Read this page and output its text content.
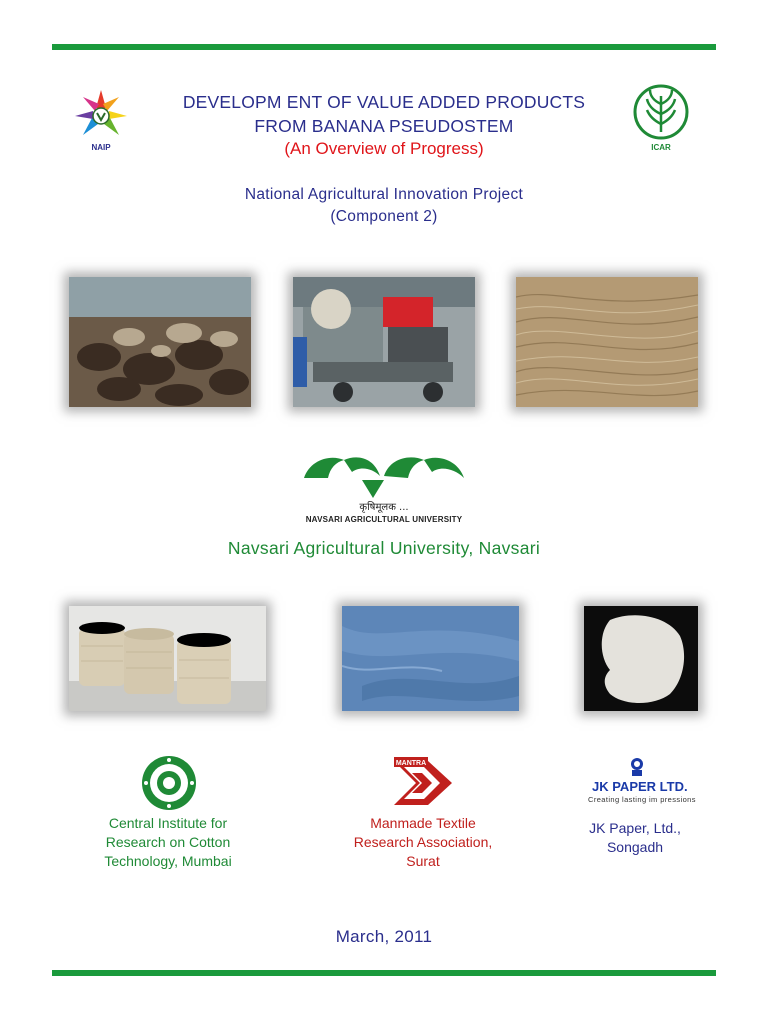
NAIP	ICAR
DEVELOPM ENT OF VALUE ADDED PRODUCTS
FROM BANANA PSEUDOSTEM
(An Overview of Progress)
National Agricultural Innovation Project
(Component 2)
कृषिमूलक ...
NAVSARI AGRICULTURAL UNIVERSITY
Navsari Agricultural University, Navsari
MANTRA
JK PAPER LTD.
Creating lasting im pressions
Central Institute for
Research on Cotton
Technology, Mumbai
Manmade Textile
Research Association,
Surat
JK Paper, Ltd.,
Songadh
March, 2011
